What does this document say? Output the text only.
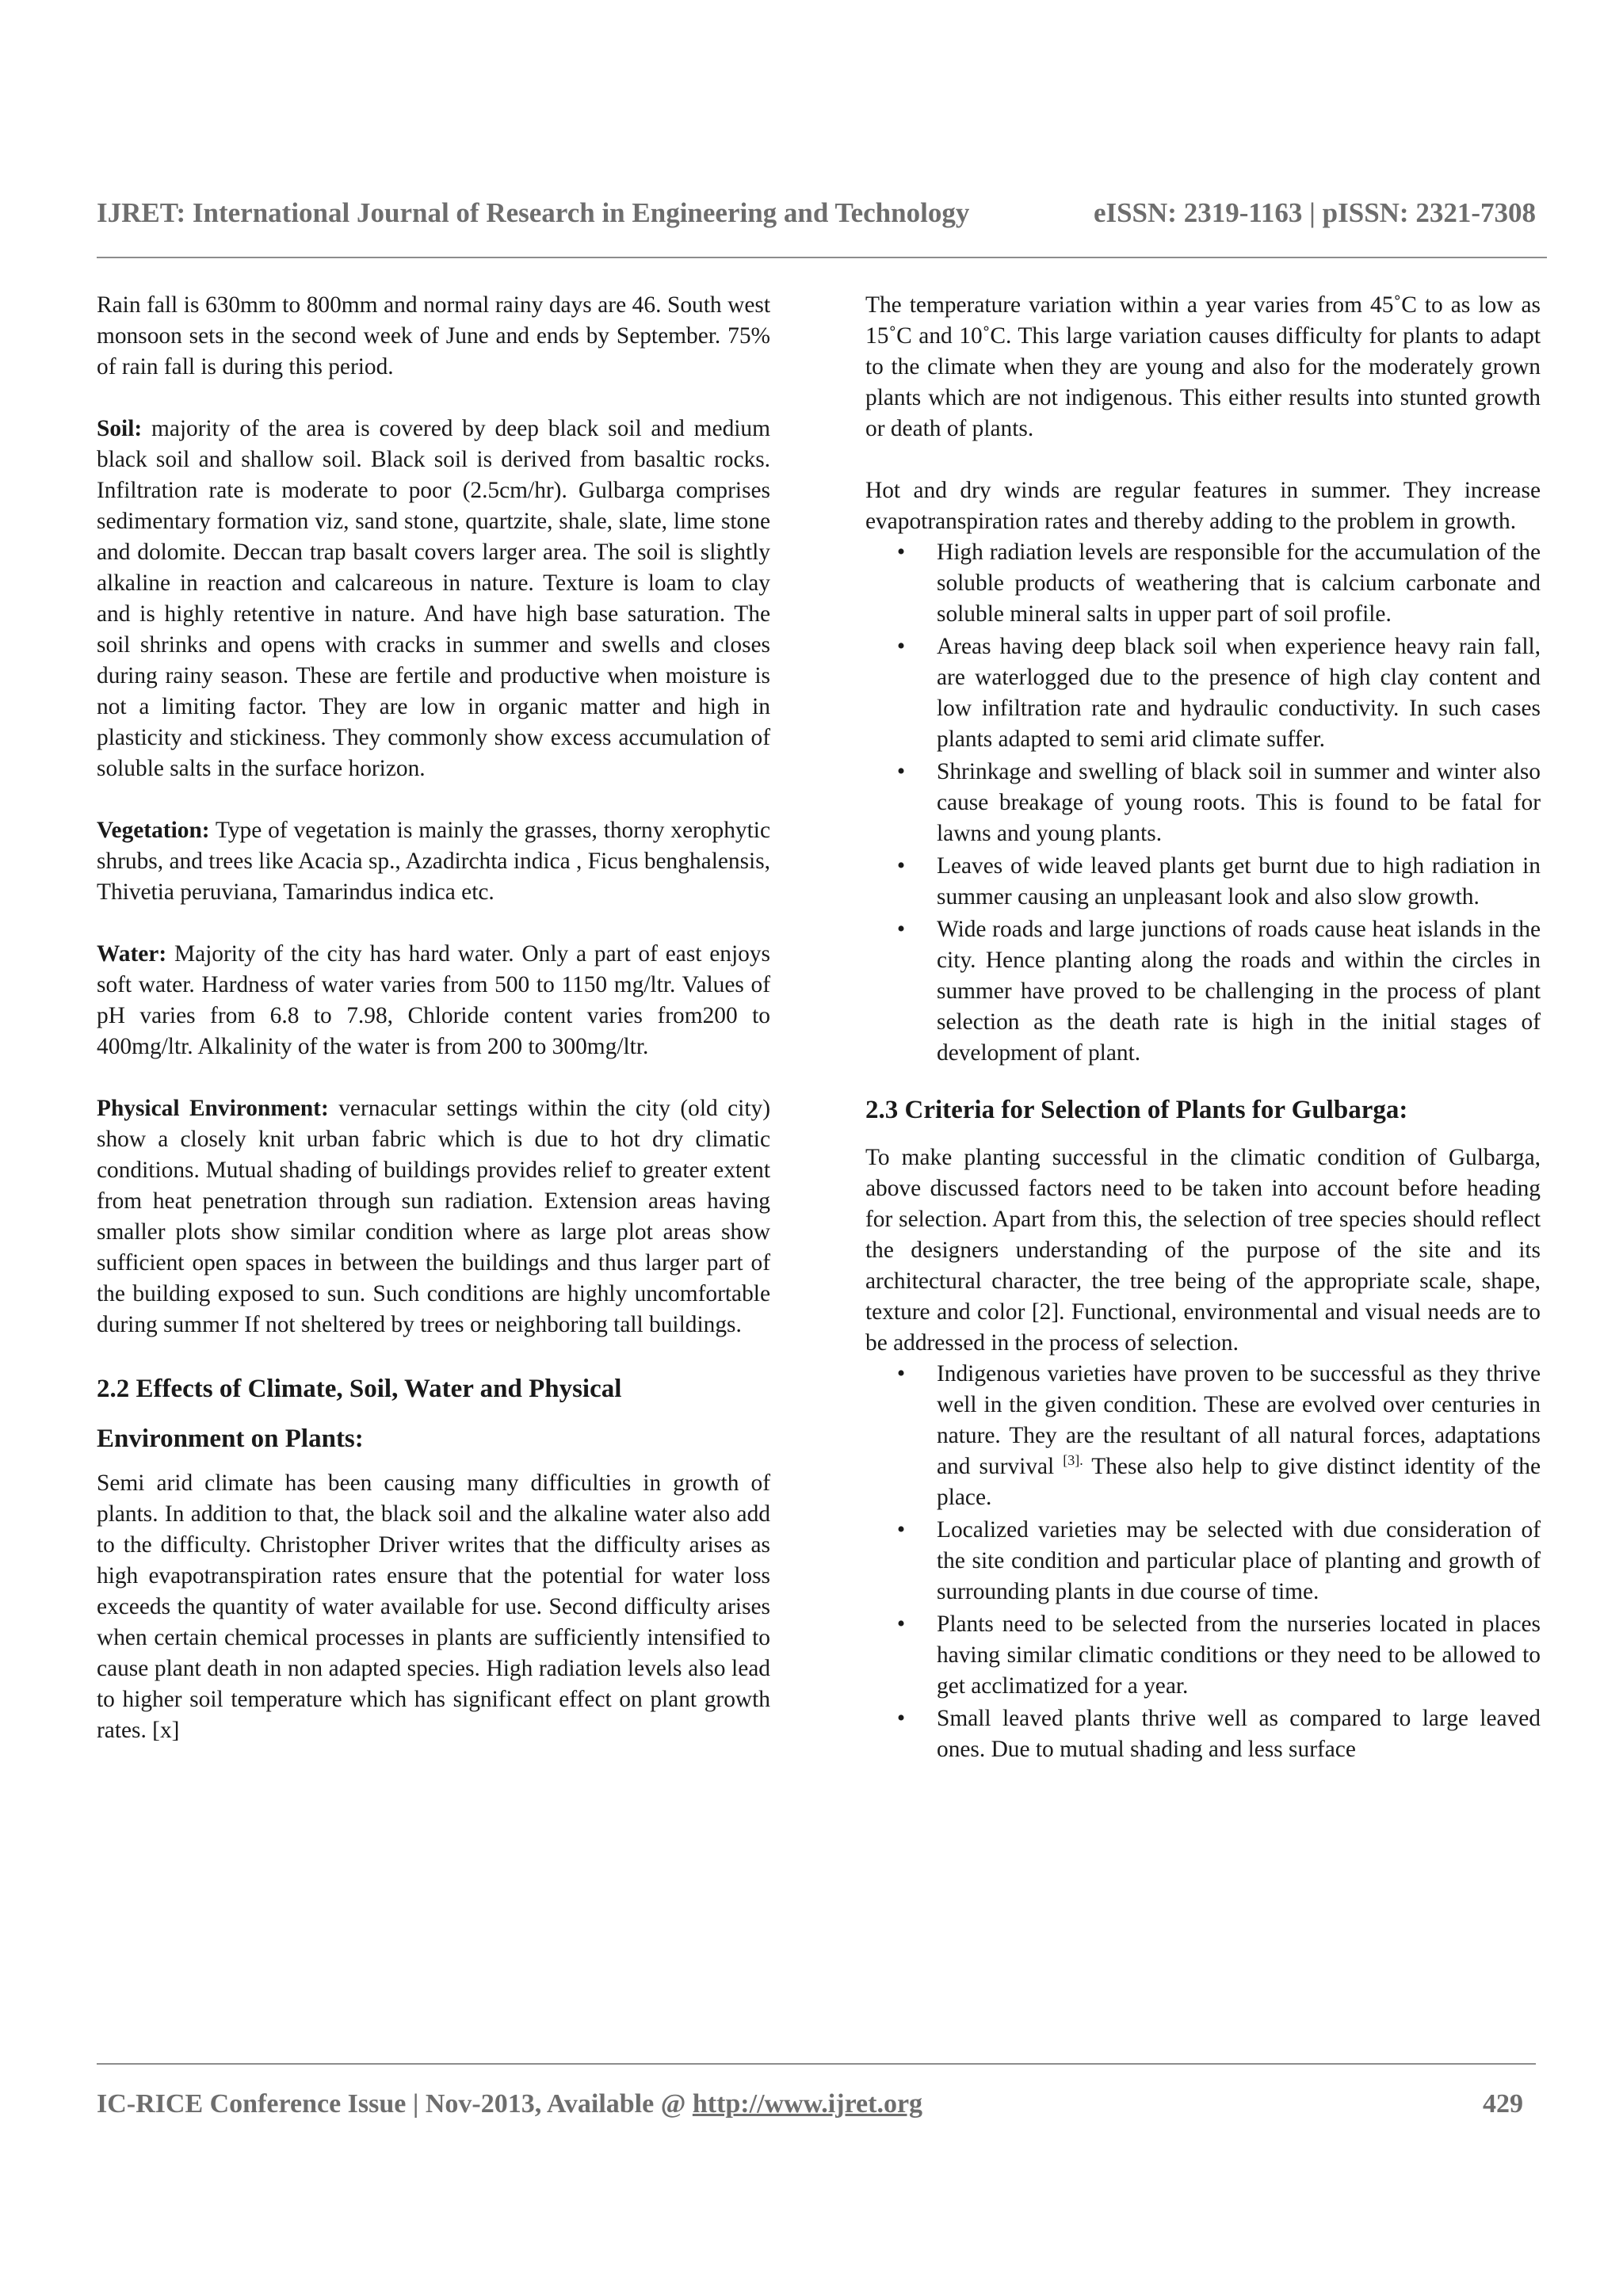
IJRET: International Journal of Research in Engineering and Technology	eISSN: 2319-1163 | pISSN: 2321-7308

Rain fall is 630mm to 800mm and normal rainy days are 46. South west monsoon sets in the second week of June and ends by September. 75% of rain fall is during this period.

Soil: majority of the area is covered by deep black soil and medium black soil and shallow soil. Black soil is derived from basaltic rocks. Infiltration rate is moderate to poor (2.5cm/hr). Gulbarga comprises sedimentary formation viz, sand stone, quartzite, shale, slate, lime stone and dolomite. Deccan trap basalt covers larger area. The soil is slightly alkaline in reaction and calcareous in nature. Texture is loam to clay and is highly retentive in nature. And have high base saturation. The soil shrinks and opens with cracks in summer and swells and closes during rainy season. These are fertile and productive when moisture is not a limiting factor. They are low in organic matter and high in plasticity and stickiness. They commonly show excess accumulation of soluble salts in the surface horizon.

Vegetation: Type of vegetation is mainly the grasses, thorny xerophytic shrubs, and trees like Acacia sp., Azadirchta indica , Ficus benghalensis, Thivetia peruviana, Tamarindus indica etc.

Water: Majority of the city has hard water. Only a part of east enjoys soft water. Hardness of water varies from 500 to 1150 mg/ltr. Values of pH varies from 6.8 to 7.98, Chloride content varies from200 to 400mg/ltr. Alkalinity of the water is from 200 to 300mg/ltr.

Physical Environment: vernacular settings within the city (old city) show a closely knit urban fabric which is due to hot dry climatic conditions. Mutual shading of buildings provides relief to greater extent from heat penetration through sun radiation. Extension areas having smaller plots show similar condition where as large plot areas show sufficient open spaces in between the buildings and thus larger part of the building exposed to sun. Such conditions are highly uncomfortable during summer If not sheltered by trees or neighboring tall buildings.

2.2 Effects of Climate, Soil, Water and Physical
Environment on Plants:

Semi arid climate has been causing many difficulties in growth of plants. In addition to that, the black soil and the alkaline water also add to the difficulty. Christopher Driver writes that the difficulty arises as high evapotranspiration rates ensure that the potential for water loss exceeds the quantity of water available for use. Second difficulty arises when certain chemical processes in plants are sufficiently intensified to cause plant death in non adapted species. High radiation levels also lead to higher soil temperature which has significant effect on plant growth rates. [x]

The temperature variation within a year varies from 45˚C to as low as 15˚C and 10˚C. This large variation causes difficulty for plants to adapt to the climate when they are young and also for the moderately grown plants which are not indigenous. This either results into stunted growth or death of plants.

Hot and dry winds are regular features in summer. They increase evapotranspiration rates and thereby adding to the problem in growth.

•	High radiation levels are responsible for the accumulation of the soluble products of weathering that is calcium carbonate and soluble mineral salts in upper part of soil profile.
•	Areas having deep black soil when experience heavy rain fall, are waterlogged due to the presence of high clay content and low infiltration rate and hydraulic conductivity. In such cases plants adapted to semi arid climate suffer.
•	Shrinkage and swelling of black soil in summer and winter also cause breakage of young roots. This is found to be fatal for lawns and young plants.
•	Leaves of wide leaved plants get burnt due to high radiation in summer causing an unpleasant look and also slow growth.
•	Wide roads and large junctions of roads cause heat islands in the city. Hence planting along the roads and within the circles in summer have proved to be challenging in the process of plant selection as the death rate is high in the initial stages of development of plant.
2.3 Criteria for Selection of Plants for Gulbarga:

To make planting successful in the climatic condition of Gulbarga, above discussed factors need to be taken into account before heading for selection. Apart from this, the selection of tree species should reflect the designers understanding of the purpose of the site and its architectural character, the tree being of the appropriate scale, shape, texture and color [2]. Functional, environmental and visual needs are to be addressed in the process of selection.

•	Indigenous varieties have proven to be successful as they thrive well in the given condition. These are evolved over centuries in nature. They are the resultant of all natural forces, adaptations and survival $^{[3].}$ These also help to give distinct identity of the place.
•	Localized varieties may be selected with due consideration of the site condition and particular place of planting and growth of surrounding plants in due course of time.
•	Plants need to be selected from the nurseries located in places having similar climatic conditions or they need to be allowed to get acclimatized for a year.
•	Small leaved plants thrive well as compared to large leaved ones. Due to mutual shading and less surface
IC-RICE Conference Issue | Nov-2013, Available @ http://www.ijret.org	429
